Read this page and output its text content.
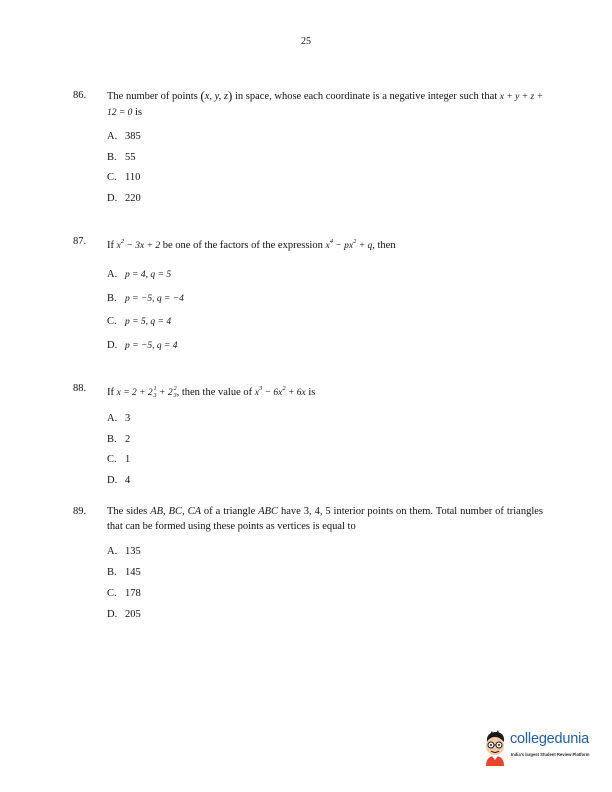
25
86. The number of points (x, y, z) in space, whose each coordinate is a negative integer such that x + y + z + 12 = 0 is
A. 385
B. 55
C. 110
D. 220
87. If $x^2 - 3x + 2$ be one of the factors of the expression $x^4 - px^2 + q$, then
A. p = 4, q = 5
B. p = −5, q = −4
C. p = 5, q = 4
D. p = −5, q = 4
88. If x = 2 + 2 1
3 + 2 2
3 , then the value of $x^3 - 6x^2 + 6x$ is
A. 3
B. 2
C. 1
D. 4
89. The sides AB, BC, CA of a triangle ABC have 3, 4, 5 interior points on them. Total number of triangles that can be formed using these points as vertices is equal to
A. 135
B. 145
C. 178
D. 205
collegedunia
India's largest Student Review Platform
